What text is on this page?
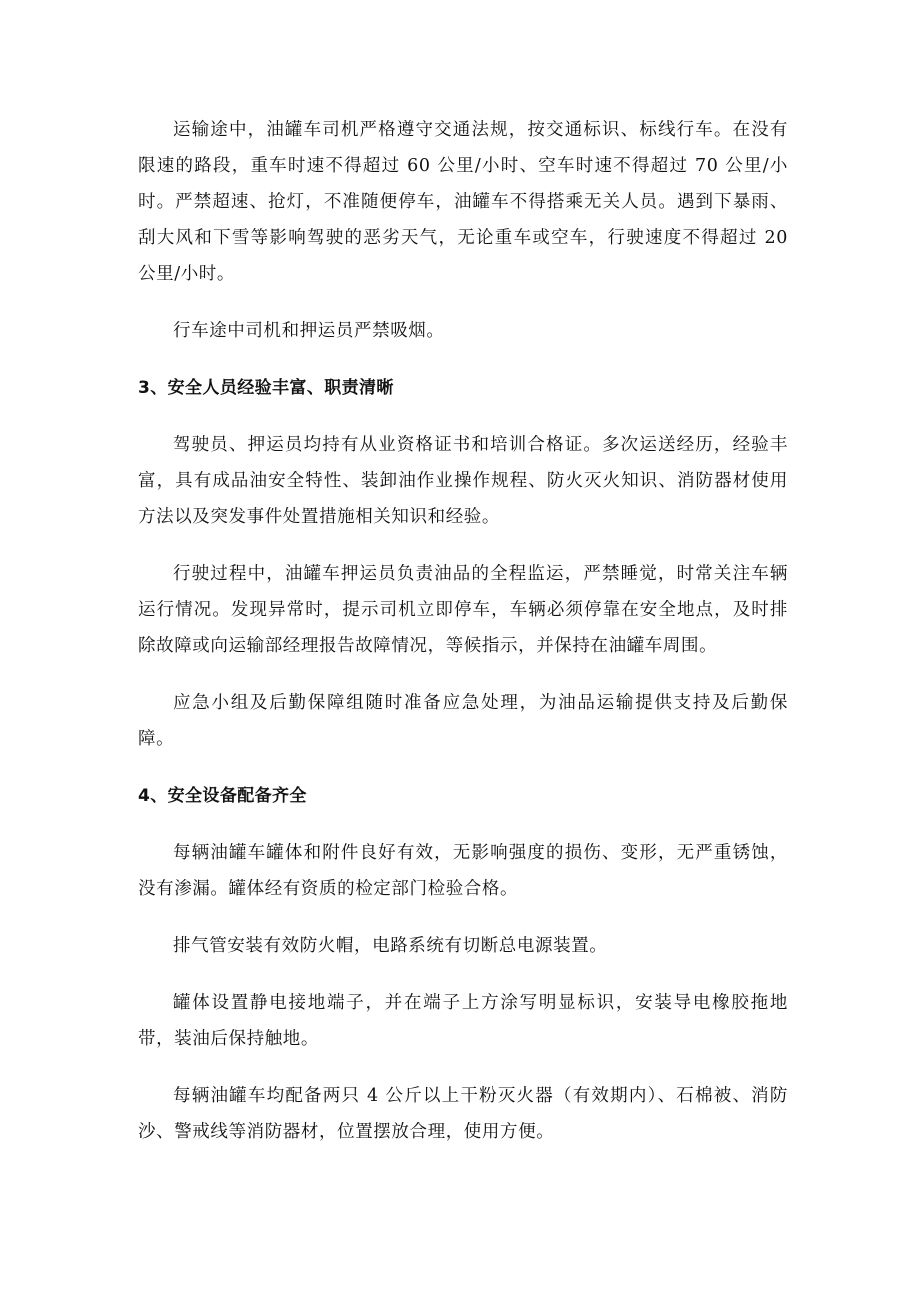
运输途中，油罐车司机严格遵守交通法规，按交通标识、标线行车。在没有限速的路段，重车时速不得超过 60 公里/小时、空车时速不得超过 70 公里/小时。严禁超速、抢灯，不准随便停车，油罐车不得搭乘无关人员。遇到下暴雨、刮大风和下雪等影响驾驶的恶劣天气，无论重车或空车，行驶速度不得超过 20 公里/小时。

行车途中司机和押运员严禁吸烟。

3、安全人员经验丰富、职责清晰

驾驶员、押运员均持有从业资格证书和培训合格证。多次运送经历，经验丰富，具有成品油安全特性、装卸油作业操作规程、防火灭火知识、消防器材使用方法以及突发事件处置措施相关知识和经验。

行驶过程中，油罐车押运员负责油品的全程监运，严禁睡觉，时常关注车辆运行情况。发现异常时，提示司机立即停车，车辆必须停靠在安全地点，及时排除故障或向运输部经理报告故障情况，等候指示，并保持在油罐车周围。

应急小组及后勤保障组随时准备应急处理，为油品运输提供支持及后勤保障。

4、安全设备配备齐全

每辆油罐车罐体和附件良好有效，无影响强度的损伤、变形，无严重锈蚀，没有渗漏。罐体经有资质的检定部门检验合格。

排气管安装有效防火帽，电路系统有切断总电源装置。

罐体设置静电接地端子，并在端子上方涂写明显标识，安装导电橡胶拖地带，装油后保持触地。

每辆油罐车均配备两只 4 公斤以上干粉灭火器（有效期内）、石棉被、消防沙、警戒线等消防器材，位置摆放合理，使用方便。
